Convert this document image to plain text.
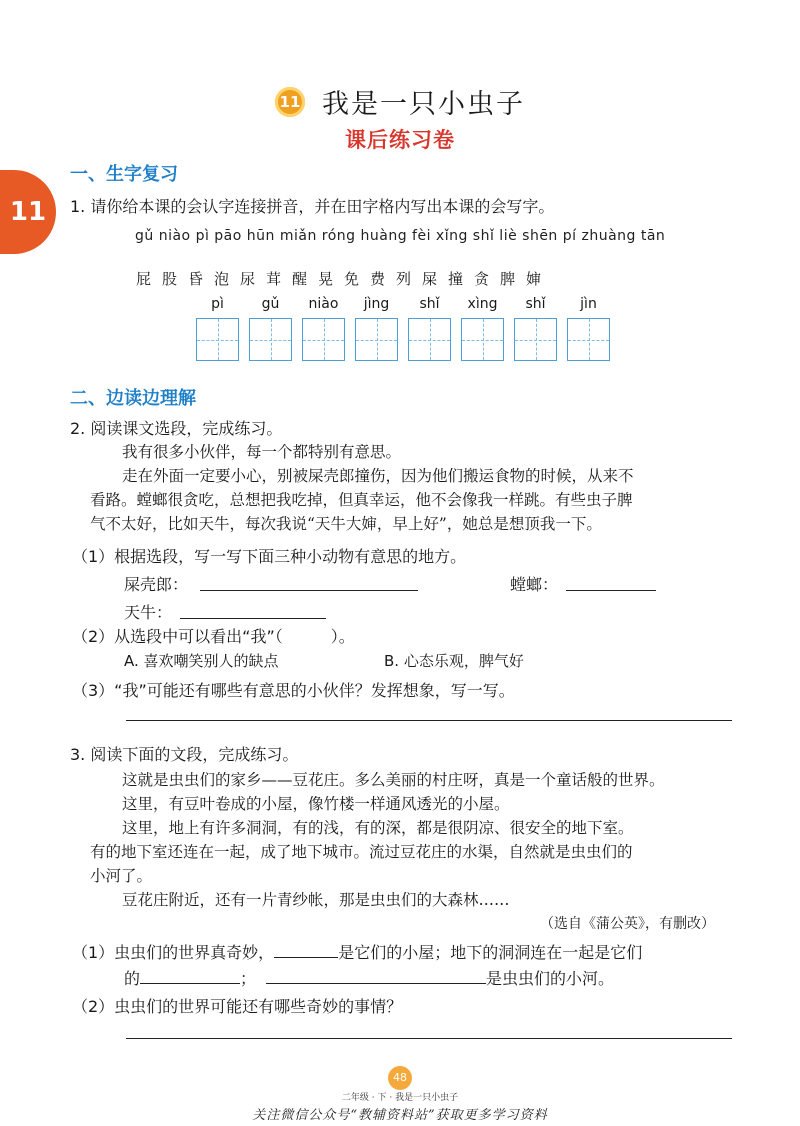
11 我是一只小虫子
课后练习卷
11
一、生字复习
1. 请你给本课的会认字连接拼音，并在田字格内写出本课的会写字。
gǔ niào pì pāo hūn miǎn róng huàng fèi xǐng shǐ liè shēn pí zhuàng tān
屁股昏泡尿茸醒晃免费列屎撞贪脾婶
pì	gǔ	niào	jìng	shǐ	xìng	shǐ	jìn
二、边读边理解
2. 阅读课文选段，完成练习。
我有很多小伙伴，每一个都特别有意思。
走在外面一定要小心，别被屎壳郎撞伤，因为他们搬运食物的时候，从来不
看路。螳螂很贪吃，总想把我吃掉，但真幸运，他不会像我一样跳。有些虫子脾
气不太好，比如天牛，每次我说“天牛大婶，早上好”，她总是想顶我一下。
（1）根据选段，写一写下面三种小动物有意思的地方。
屎壳郎：	螳螂：
天牛：
（2）从选段中可以看出“我”（　　　）。
A. 喜欢嘲笑别人的缺点	B. 心态乐观，脾气好
（3）“我”可能还有哪些有意思的小伙伴？发挥想象，写一写。
3. 阅读下面的文段，完成练习。
这就是虫虫们的家乡——豆花庄。多么美丽的村庄呀，真是一个童话般的世界。
这里，有豆叶卷成的小屋，像竹楼一样通风透光的小屋。
这里，地上有许多洞洞，有的浅，有的深，都是很阴凉、很安全的地下室。
有的地下室还连在一起，成了地下城市。流过豆花庄的水渠，自然就是虫虫们的
小河了。
豆花庄附近，还有一片青纱帐，那是虫虫们的大森林……
（选自《蒲公英》，有删改）
（1）虫虫们的世界真奇妙，	是它们的小屋；地下的洞洞连在一起是它们
的	；	是虫虫们的小河。
（2）虫虫们的世界可能还有哪些奇妙的事情？
48
二年级 · 下 · 我是一只小虫子
关注微信公众号“教辅资料站”获取更多学习资料
